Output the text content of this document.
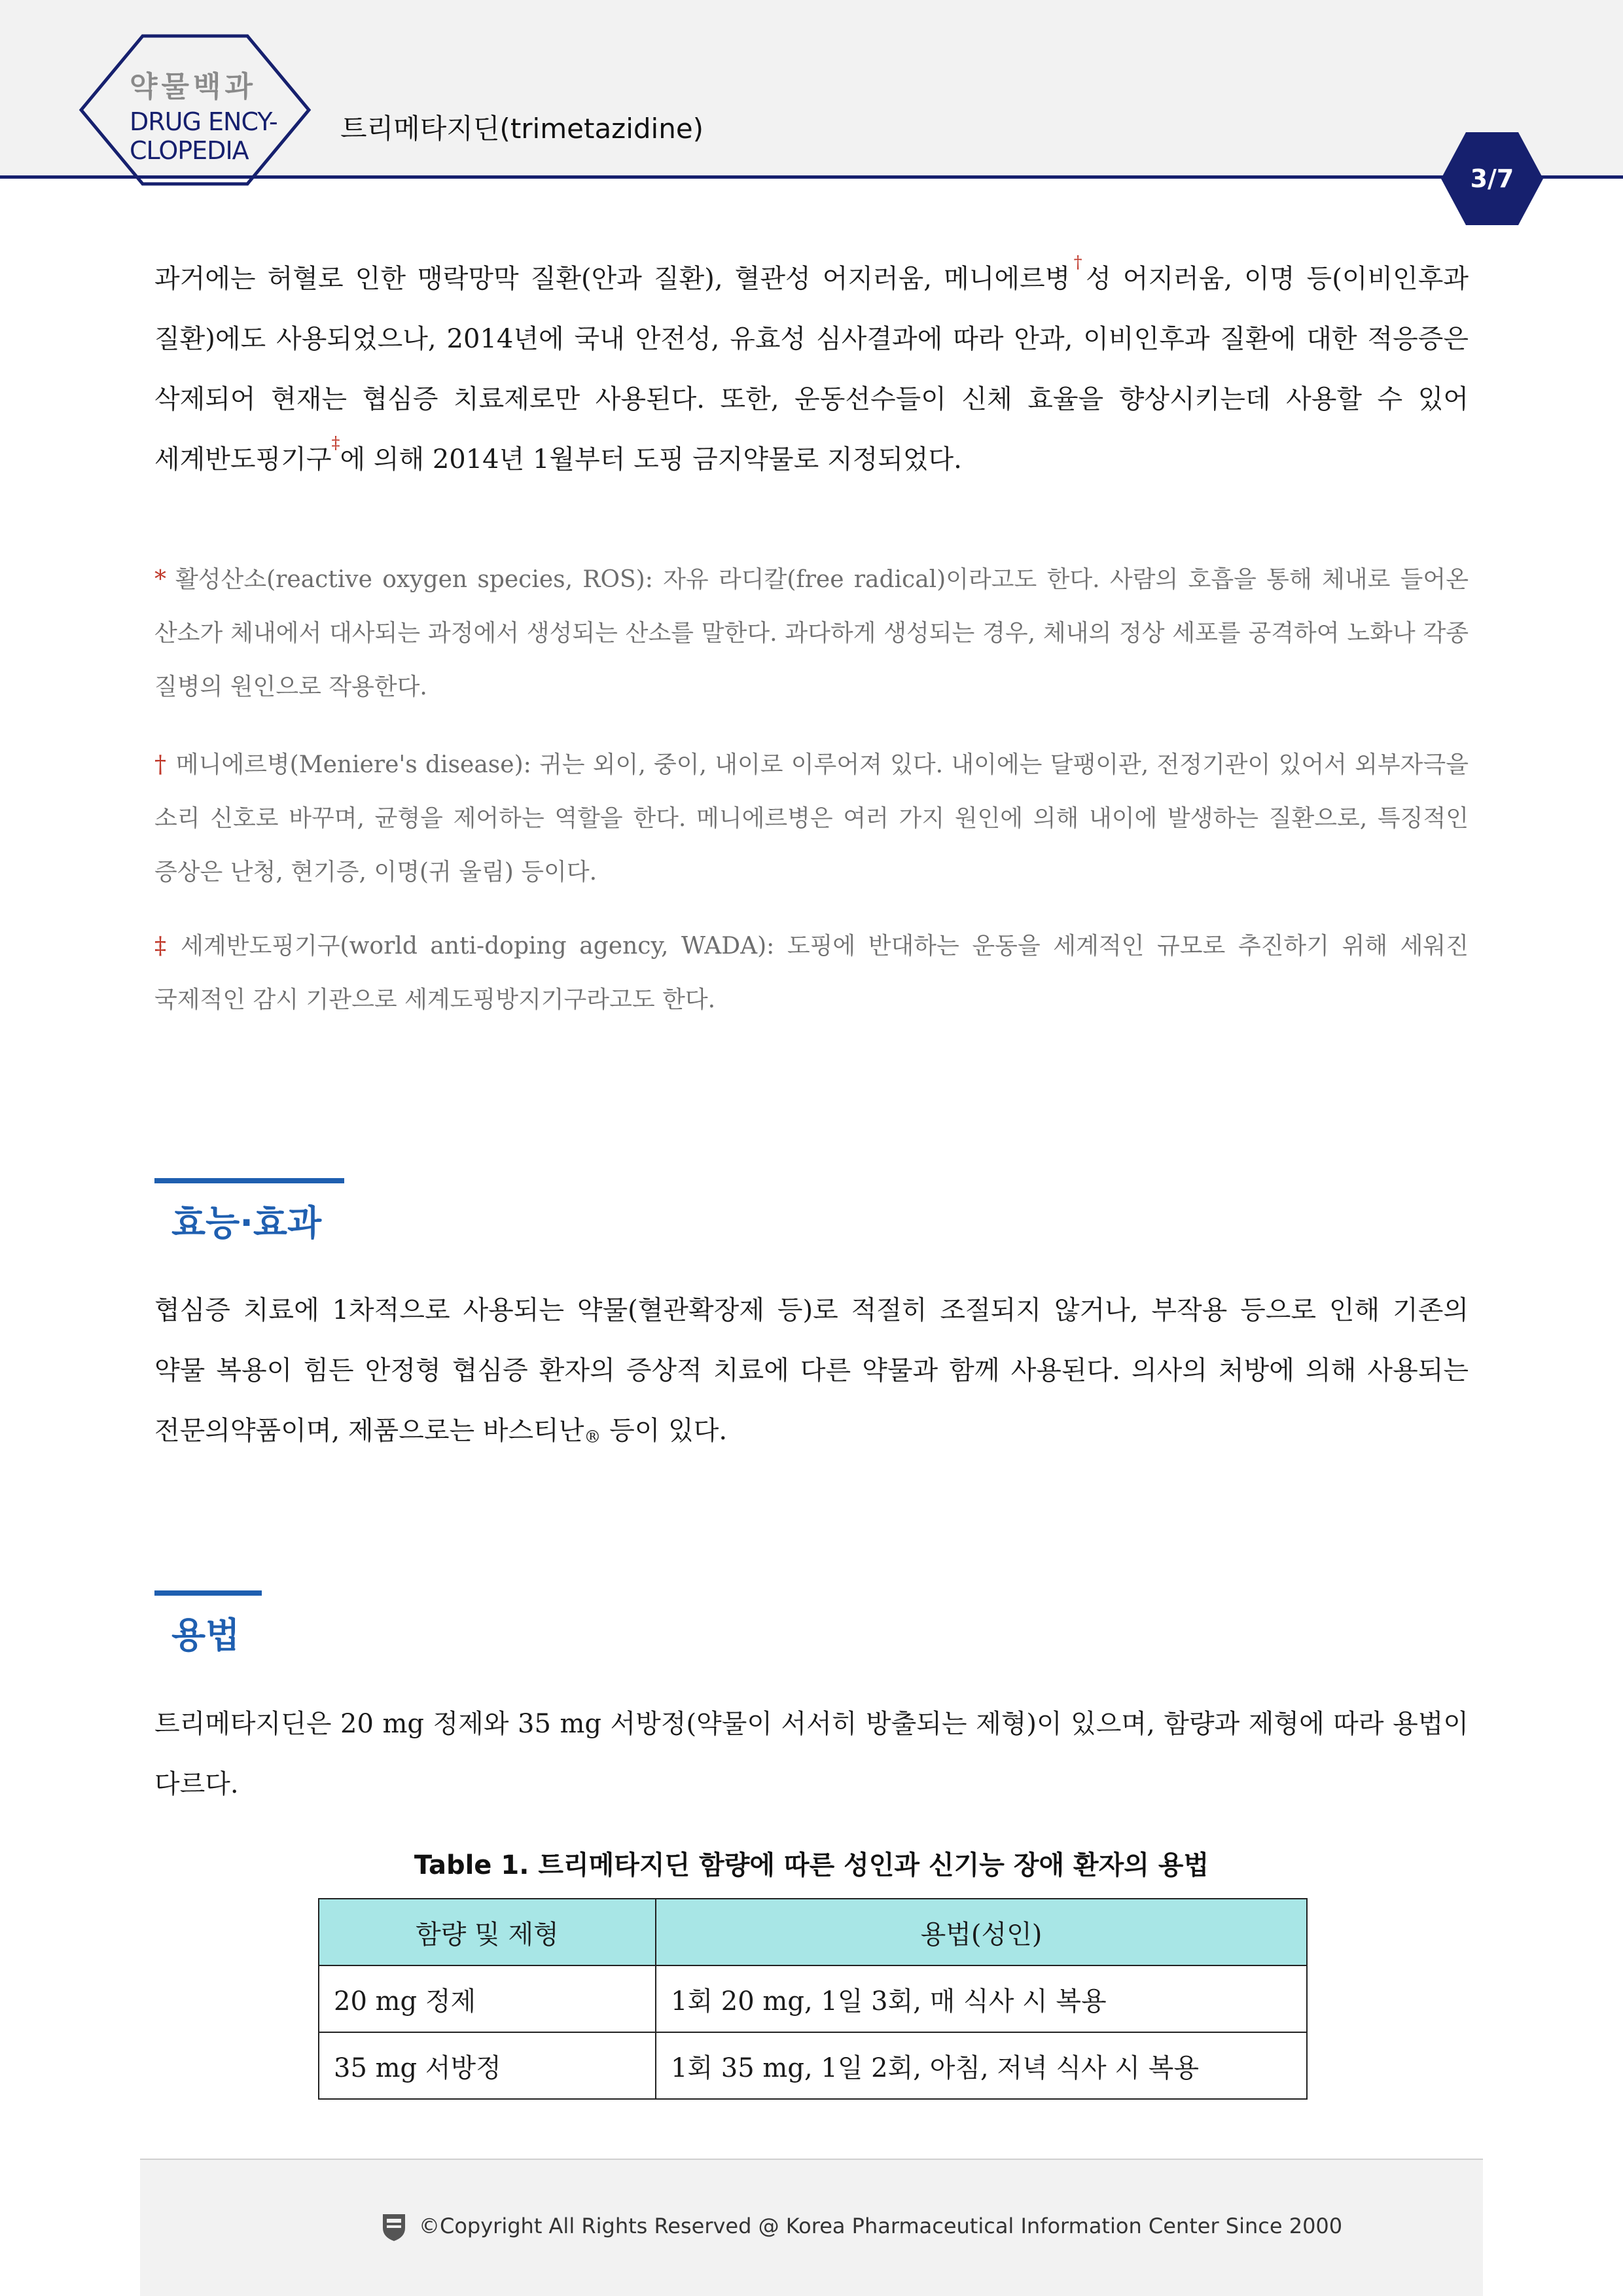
약물백과
DRUG ENCY-
CLOPEDIA
트리메타지딘(trimetazidine)
3/7
과거에는 허혈로 인한 맹락망막 질환(안과 질환), 혈관성 어지러움, 메니에르병†성 어지러움, 이명 등(이비인후과 질환)에도 사용되었으나, 2014년에 국내 안전성, 유효성 심사결과에 따라 안과, 이비인후과 질환에 대한 적응증은 삭제되어 현재는 협심증 치료제로만 사용된다. 또한, 운동선수들이 신체 효율을 향상시키는데 사용할 수 있어 세계반도핑기구‡에 의해 2014년 1월부터 도핑 금지약물로 지정되었다.
* 활성산소(reactive oxygen species, ROS): 자유 라디칼(free radical)이라고도 한다. 사람의 호흡을 통해 체내로 들어온 산소가 체내에서 대사되는 과정에서 생성되는 산소를 말한다. 과다하게 생성되는 경우, 체내의 정상 세포를 공격하여 노화나 각종 질병의 원인으로 작용한다.
† 메니에르병(Meniere's disease): 귀는 외이, 중이, 내이로 이루어져 있다. 내이에는 달팽이관, 전정기관이 있어서 외부자극을 소리 신호로 바꾸며, 균형을 제어하는 역할을 한다. 메니에르병은 여러 가지 원인에 의해 내이에 발생하는 질환으로, 특징적인 증상은 난청, 현기증, 이명(귀 울림) 등이다.
‡ 세계반도핑기구(world anti-doping agency, WADA): 도핑에 반대하는 운동을 세계적인 규모로 추진하기 위해 세워진 국제적인 감시 기관으로 세계도핑방지기구라고도 한다.
효능·효과
협심증 치료에 1차적으로 사용되는 약물(혈관확장제 등)로 적절히 조절되지 않거나, 부작용 등으로 인해 기존의 약물 복용이 힘든 안정형 협심증 환자의 증상적 치료에 다른 약물과 함께 사용된다. 의사의 처방에 의해 사용되는 전문의약품이며, 제품으로는 바스티난® 등이 있다.
용법
트리메타지딘은 20 mg 정제와 35 mg 서방정(약물이 서서히 방출되는 제형)이 있으며, 함량과 제형에 따라 용법이 다르다.
Table 1. 트리메타지딘 함량에 따른 성인과 신기능 장애 환자의 용법
함량 및 제형	용법(성인)
20 mg 정제	1회 20 mg, 1일 3회, 매 식사 시 복용
35 mg 서방정	1회 35 mg, 1일 2회, 아침, 저녁 식사 시 복용
©Copyright All Rights Reserved @ Korea Pharmaceutical Information Center Since 2000
